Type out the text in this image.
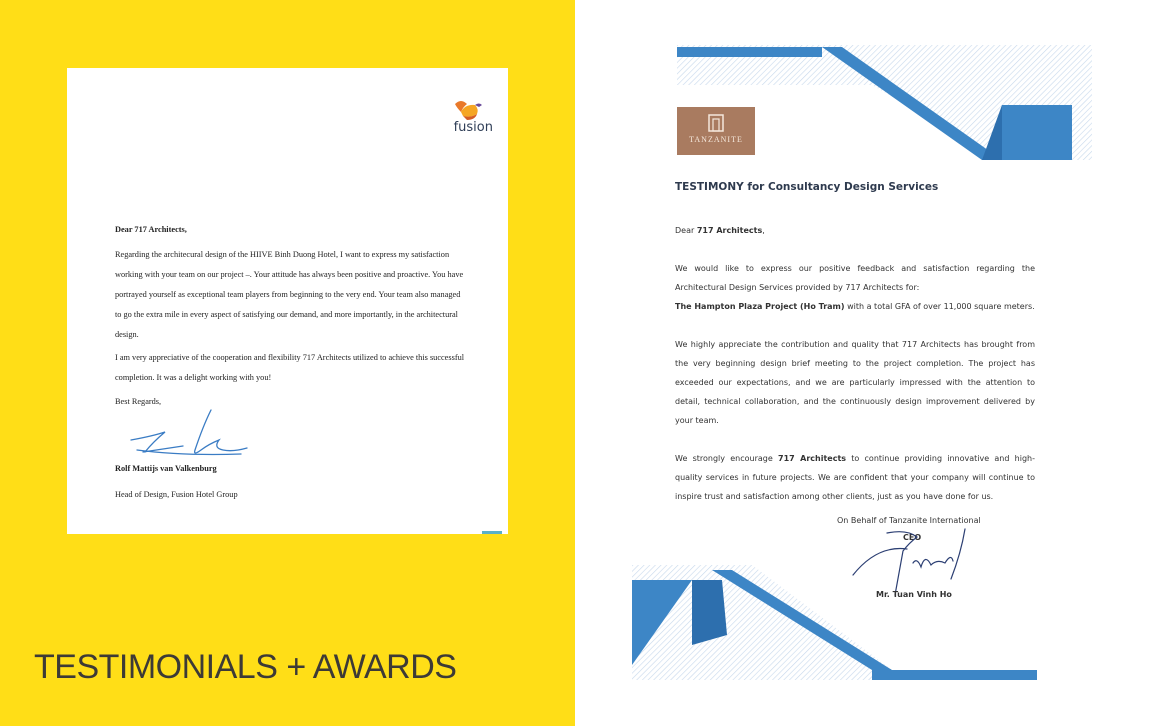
fusion

Dear 717 Architects,

Regarding the architecural design of the HIIVE Binh Duong Hotel, I want to express my satisfaction working with your team on our project –. Your attitude has always been positive and proactive. You have portrayed yourself as exceptional team players from beginning to the very end. Your team also managed to go the extra mile in every aspect of satisfying our demand, and more importantly, in the architectural design.

I am very appreciative of the cooperation and flexibility 717 Architects utilized to achieve this successful completion. It was a delight working with you!

Best Regards,

Rolf Mattijs van Valkenburg
Head of Design, Fusion Hotel Group
TESTIMONIALS + AWARDS
TANZANITE
TESTIMONY for Consultancy Design Services

Dear 717 Architects,

We would like to express our positive feedback and satisfaction regarding the Architectural Design Services provided by 717 Architects for:

The Hampton Plaza Project (Ho Tram) with a total GFA of over 11,000 square meters.

We highly appreciate the contribution and quality that 717 Architects has brought from the very beginning design brief meeting to the project completion. The project has exceeded our expectations, and we are particularly impressed with the attention to detail, technical collaboration, and the continuously design improvement delivered by your team.

We strongly encourage 717 Architects to continue providing innovative and high-quality services in future projects. We are confident that your company will continue to inspire trust and satisfaction among other clients, just as you have done for us.

On Behalf of Tanzanite International
CEO
Mr. Tuan Vinh Ho
